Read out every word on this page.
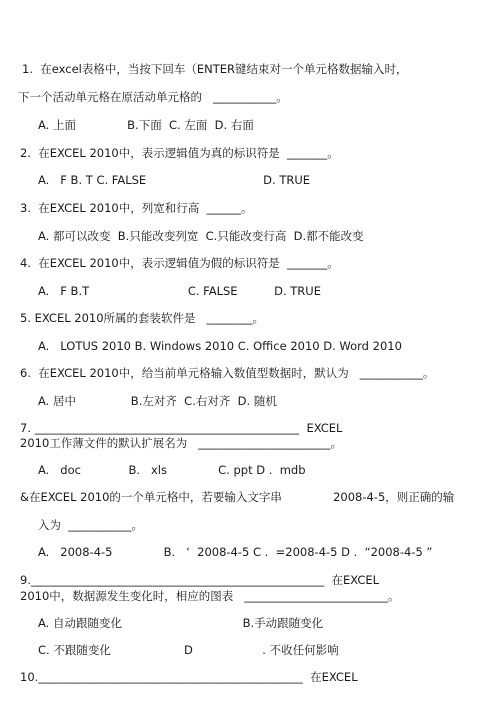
1.  在excel表格中，当按下回车（ENTER键结束对一个单元格数据输入时，
下一个活动单元格在原活动单元格的   ___________。
A. 上面              B.下面  C. 左面  D. 右面
2.  在EXCEL 2010中，表示逻辑值为真的标识符是  _______。
A.   F B. T C. FALSE                                D. TRUE
3.  在EXCEL 2010中，列宽和行高  ______。
A. 都可以改变  B.只能改变列宽  C.只能改变行高  D.都不能改变
4.  在EXCEL 2010中，表示逻辑值为假的标识符是  _______。
A.   F B.T                           C. FALSE          D. TRUE
5. EXCEL 2010所属的套装软件是   ________。
A.   LOTUS 2010 B. Windows 2010 C. Office 2010 D. Word 2010
6.  在EXCEL 2010中，给当前单元格输入数值型数据时，默认为   ___________。
A. 居中               B.左对齐  C.右对齐  D. 随机
7. ______________________________________________  EXCEL
2010工作薄文件的默认扩展名为   _______________________。
A.   doc             B.   xls              C. ppt D .  mdb
&在EXCEL 2010的一个单元格中，若要输入文字串              2008-4-5，则正确的输
入为  ___________。
A.   2008-4-5              B.   ‘  2008-4-5 C .  =2008-4-5 D .  “2008-4-5 ”
9.___________________________________________________  在EXCEL
2010中，数据源发生变化时，相应的图表   _________________________。
A. 自动跟随变化                                 B.手动跟随变化
C. 不跟随变化                    D                   . 不收任何影响
10.______________________________________________  在EXCEL
